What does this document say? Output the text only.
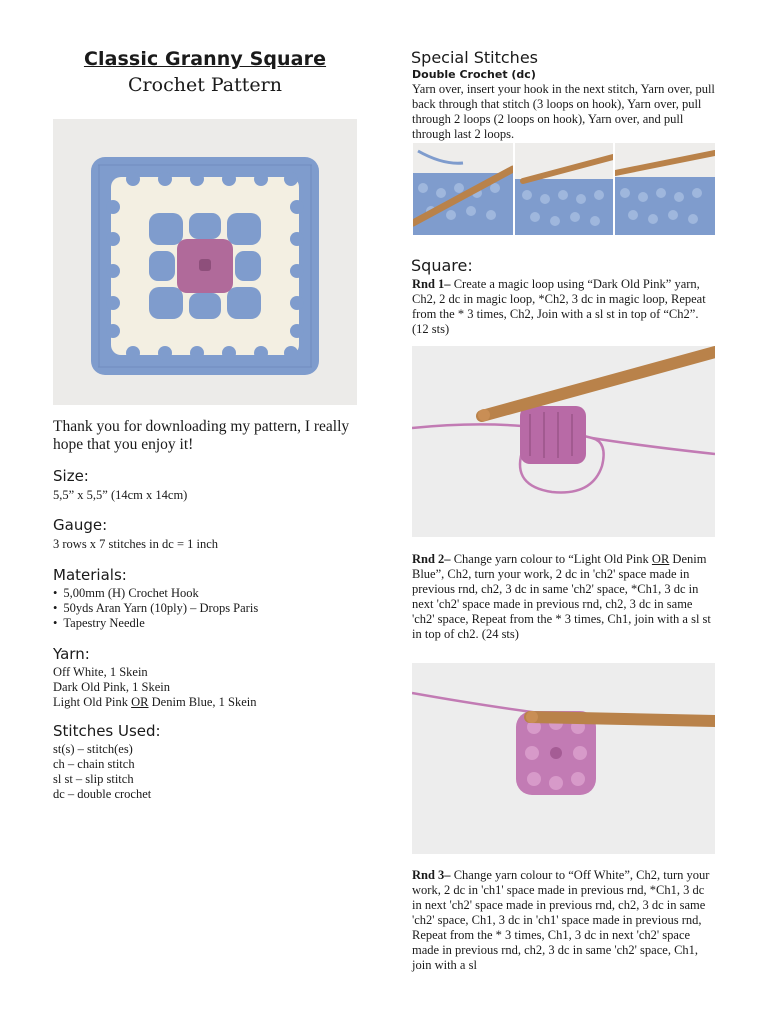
Classic Granny Square
Crochet Pattern
Thank you for downloading my pattern, I really hope that you enjoy it!
Size:
5,5” x 5,5” (14cm x 14cm)
Gauge:
3 rows x 7 stitches in dc = 1 inch
Materials:
• 5,00mm (H) Crochet Hook
• 50yds Aran Yarn (10ply) – Drops Paris
• Tapestry Needle
Yarn:
Off White, 1 Skein
Dark Old Pink, 1 Skein
Light Old Pink OR Denim Blue, 1 Skein
Stitches Used:
st(s) – stitch(es)
ch – chain stitch
sl st – slip stitch
dc – double crochet
Special Stitches
Double Crochet (dc)
Yarn over, insert your hook in the next stitch, Yarn over, pull back through that stitch (3 loops on hook), Yarn over, pull through 2 loops (2 loops on hook), Yarn over, and pull through last 2 loops.
Square:
Rnd 1– Create a magic loop using “Dark Old Pink” yarn, Ch2, 2 dc in magic loop, *Ch2, 3 dc in magic loop, Repeat from the * 3 times, Ch2, Join with a sl st in top of “Ch2”. (12 sts)
Rnd 2– Change yarn colour to “Light Old Pink OR Denim Blue”, Ch2, turn your work, 2 dc in 'ch2' space made in previous rnd, ch2, 3 dc in same 'ch2' space, *Ch1, 3 dc in next 'ch2' space made in previous rnd, ch2, 3 dc in same 'ch2' space, Repeat from the * 3 times, Ch1, join with a sl st in top of ch2. (24 sts)
Rnd 3– Change yarn colour to “Off White”, Ch2, turn your work, 2 dc in 'ch1' space made in previous rnd, *Ch1, 3 dc in next 'ch2' space made in previous rnd, ch2, 3 dc in same 'ch2' space, Ch1, 3 dc in 'ch1' space made in previous rnd, Repeat from the * 3 times, Ch1, 3 dc in next 'ch2' space made in previous rnd, ch2, 3 dc in same 'ch2' space, Ch1, join with a sl
